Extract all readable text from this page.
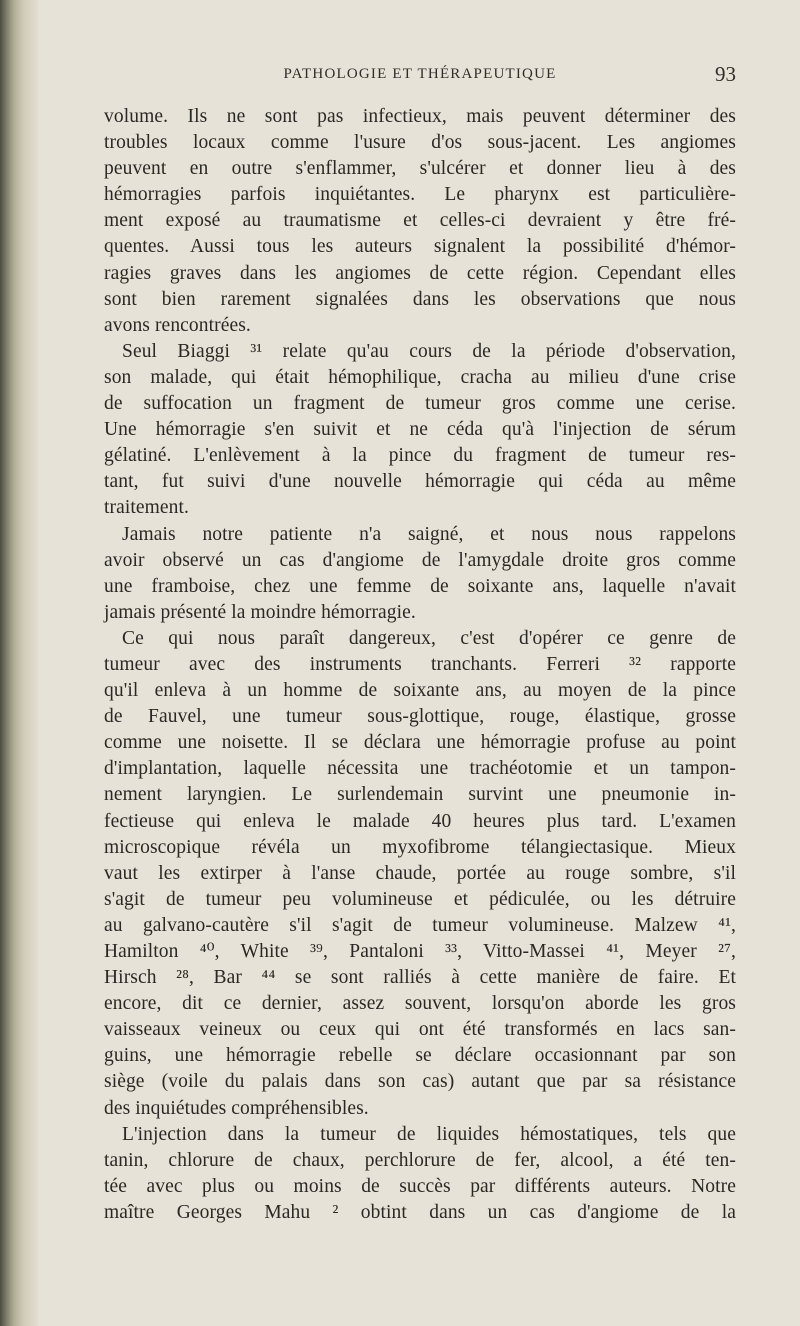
PATHOLOGIE ET THÉRAPEUTIQUE	93
volume. Ils ne sont pas infectieux, mais peuvent déterminer des
troubles locaux comme l'usure d'os sous-jacent. Les angiomes
peuvent en outre s'enflammer, s'ulcérer et donner lieu à des
hémorragies parfois inquiétantes. Le pharynx est particulière-
ment exposé au traumatisme et celles-ci devraient y être fré-
quentes. Aussi tous les auteurs signalent la possibilité d'hémor-
ragies graves dans les angiomes de cette région. Cependant elles
sont bien rarement signalées dans les observations que nous
avons rencontrées.
Seul Biaggi ³¹ relate qu'au cours de la période d'observation,
son malade, qui était hémophilique, cracha au milieu d'une crise
de suffocation un fragment de tumeur gros comme une cerise.
Une hémorragie s'en suivit et ne céda qu'à l'injection de sérum
gélatiné. L'enlèvement à la pince du fragment de tumeur res-
tant, fut suivi d'une nouvelle hémorragie qui céda au même
traitement.
Jamais notre patiente n'a saigné, et nous nous rappelons
avoir observé un cas d'angiome de l'amygdale droite gros comme
une framboise, chez une femme de soixante ans, laquelle n'avait
jamais présenté la moindre hémorragie.
Ce qui nous paraît dangereux, c'est d'opérer ce genre de
tumeur avec des instruments tranchants. Ferreri ³² rapporte
qu'il enleva à un homme de soixante ans, au moyen de la pince
de Fauvel, une tumeur sous-glottique, rouge, élastique, grosse
comme une noisette. Il se déclara une hémorragie profuse au point
d'implantation, laquelle nécessita une trachéotomie et un tampon-
nement laryngien. Le surlendemain survint une pneumonie in-
fectieuse qui enleva le malade 40 heures plus tard. L'examen
microscopique révéla un myxofibrome télangiectasique. Mieux
vaut les extirper à l'anse chaude, portée au rouge sombre, s'il
s'agit de tumeur peu volumineuse et pédiculée, ou les détruire
au galvano-cautère s'il s'agit de tumeur volumineuse. Malzew ⁴¹,
Hamilton ⁴⁰, White ³⁹, Pantaloni ³³, Vitto-Massei ⁴¹, Meyer ²⁷,
Hirsch ²⁸, Bar ⁴⁴ se sont ralliés à cette manière de faire. Et
encore, dit ce dernier, assez souvent, lorsqu'on aborde les gros
vaisseaux veineux ou ceux qui ont été transformés en lacs san-
guins, une hémorragie rebelle se déclare occasionnant par son
siège (voile du palais dans son cas) autant que par sa résistance
des inquiétudes compréhensibles.
L'injection dans la tumeur de liquides hémostatiques, tels que
tanin, chlorure de chaux, perchlorure de fer, alcool, a été ten-
tée avec plus ou moins de succès par différents auteurs. Notre
maître Georges Mahu ² obtint dans un cas d'angiome de la
